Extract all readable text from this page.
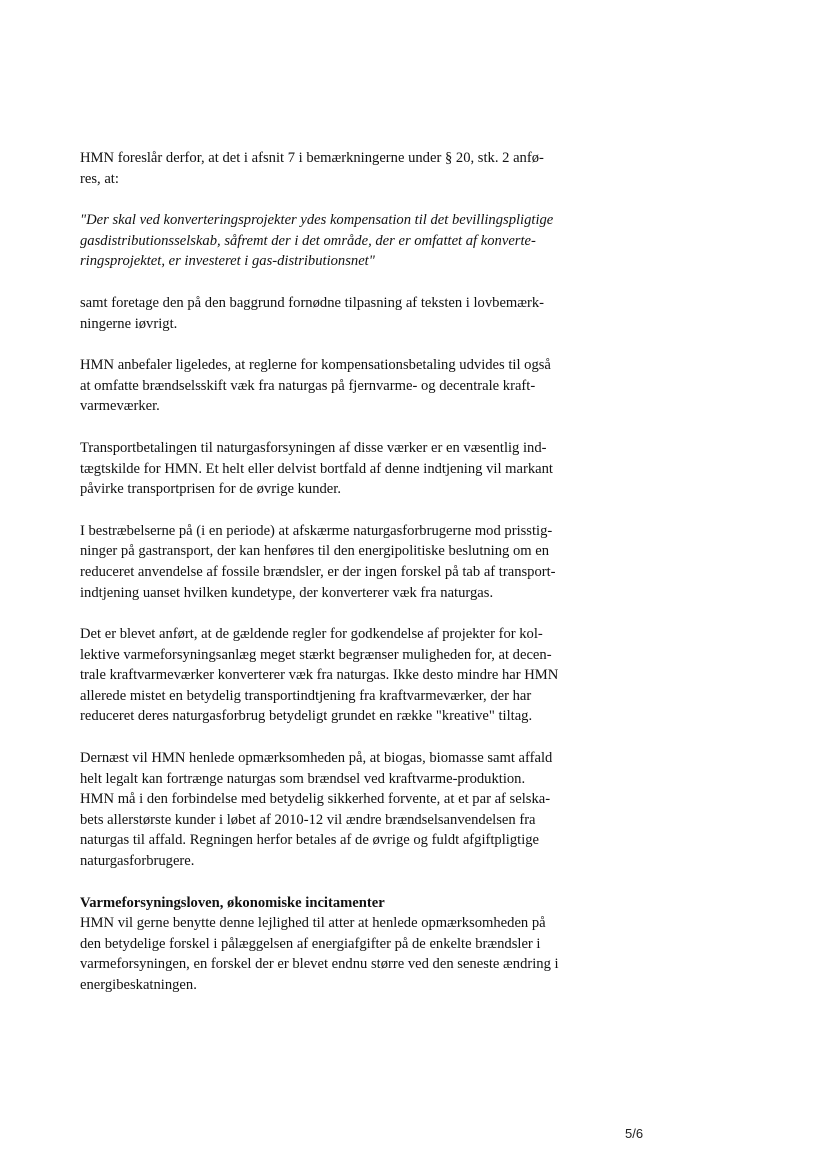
HMN foreslår derfor, at det i afsnit 7 i bemærkningerne under § 20, stk. 2 anfø-
res, at:

"Der skal ved konverteringsprojekter ydes kompensation til det bevillingspligtige
gasdistributionsselskab, såfremt der i det område, der er omfattet af konverte-
ringsprojektet, er investeret i gas-distributionsnet"

samt foretage den på den baggrund fornødne tilpasning af teksten i lovbemærk-
ningerne iøvrigt.

HMN anbefaler ligeledes, at reglerne for kompensationsbetaling udvides til også
at omfatte brændselsskift væk fra naturgas på fjernvarme- og decentrale kraft-
varmeværker.

Transportbetalingen til naturgasforsyningen af disse værker er en væsentlig ind-
tægtskilde for HMN. Et helt eller delvist bortfald af denne indtjening vil markant
påvirke transportprisen for de øvrige kunder.

I bestræbelserne på (i en periode) at afskærme naturgasforbrugerne mod prisstig-
ninger på gastransport, der kan henføres til den energipolitiske beslutning om en
reduceret anvendelse af fossile brændsler, er der ingen forskel på tab af transport-
indtjening uanset hvilken kundetype, der konverterer væk fra naturgas.

Det er blevet anført, at de gældende regler for godkendelse af projekter for kol-
lektive varmeforsyningsanlæg meget stærkt begrænser muligheden for, at decen-
trale kraftvarmeværker konverterer væk fra naturgas. Ikke desto mindre har HMN
allerede mistet en betydelig transportindtjening fra kraftvarmeværker, der har
reduceret deres naturgasforbrug betydeligt grundet en række "kreative" tiltag.

Dernæst vil HMN henlede opmærksomheden på, at biogas, biomasse samt affald
helt legalt kan fortrænge naturgas som brændsel ved kraftvarme-produktion.
HMN må i den forbindelse med betydelig sikkerhed forvente, at et par af selska-
bets allerstørste kunder i løbet af 2010-12 vil ændre brændselsanvendelsen fra
naturgas til affald. Regningen herfor betales af de øvrige og fuldt afgiftpligtige
naturgasforbrugere.

Varmeforsyningsloven, økonomiske incitamenter

HMN vil gerne benytte denne lejlighed til atter at henlede opmærksomheden på
den betydelige forskel i pålæggelsen af energiafgifter på de enkelte brændsler i
varmeforsyningen, en forskel der er blevet endnu større ved den seneste ændring i
energibeskatningen.

5/6
